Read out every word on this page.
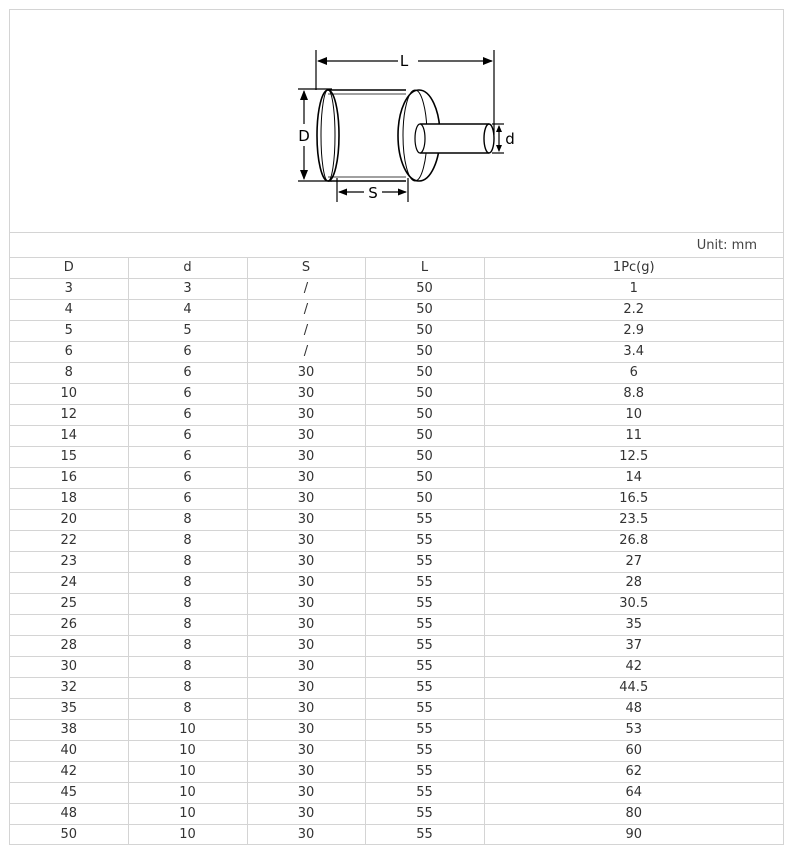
L
D	d
S
Unit: mm
D	d	S	L	1Pc(g)
3	3	/	50	1
4	4	/	50	2.2
5	5	/	50	2.9
6	6	/	50	3.4
8	6	30	50	6
10	6	30	50	8.8
12	6	30	50	10
14	6	30	50	11
15	6	30	50	12.5
16	6	30	50	14
18	6	30	50	16.5
20	8	30	55	23.5
22	8	30	55	26.8
23	8	30	55	27
24	8	30	55	28
25	8	30	55	30.5
26	8	30	55	35
28	8	30	55	37
30	8	30	55	42
32	8	30	55	44.5
35	8	30	55	48
38	10	30	55	53
40	10	30	55	60
42	10	30	55	62
45	10	30	55	64
48	10	30	55	80
50	10	30	55	90
